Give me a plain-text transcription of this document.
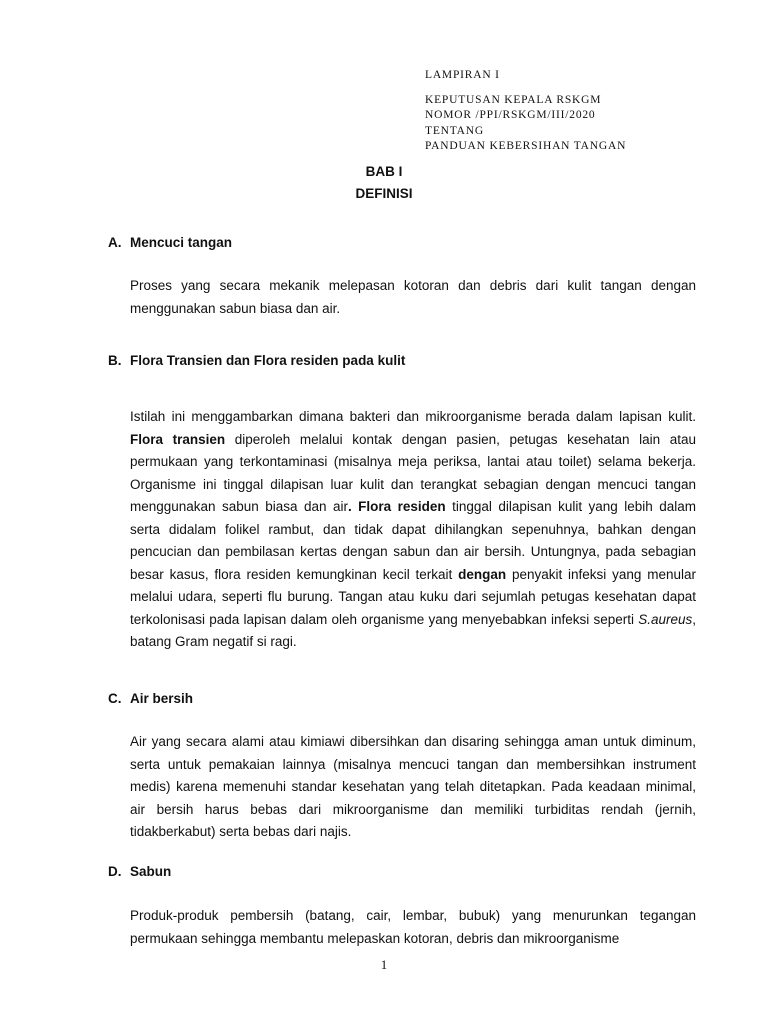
LAMPIRAN I
KEPUTUSAN KEPALA RSKGM
NOMOR /PPI/RSKGM/III/2020
TENTANG
PANDUAN KEBERSIHAN TANGAN
BAB I
DEFINISI
A. Mencuci tangan

Proses yang secara mekanik melepasan kotoran dan debris dari kulit tangan dengan menggunakan sabun biasa dan air.

B. Flora Transien dan Flora residen pada kulit

Istilah ini menggambarkan dimana bakteri dan mikroorganisme berada dalam lapisan kulit. Flora transien diperoleh melalui kontak dengan pasien, petugas kesehatan lain atau permukaan yang terkontaminasi (misalnya meja periksa, lantai atau toilet) selama bekerja. Organisme ini tinggal dilapisan luar kulit dan terangkat sebagian dengan mencuci tangan menggunakan sabun biasa dan air. Flora residen tinggal dilapisan kulit yang lebih dalam serta didalam folikel rambut, dan tidak dapat dihilangkan sepenuhnya, bahkan dengan pencucian dan pembilasan kertas dengan sabun dan air bersih. Untungnya, pada sebagian besar kasus, flora residen kemungkinan kecil terkait dengan penyakit infeksi yang menular melalui udara, seperti flu burung. Tangan atau kuku dari sejumlah petugas kesehatan dapat terkolonisasi pada lapisan dalam oleh organisme yang menyebabkan infeksi seperti S.aureus, batang Gram negatif si ragi.

C. Air bersih

Air yang secara alami atau kimiawi dibersihkan dan disaring sehingga aman untuk diminum, serta untuk pemakaian lainnya (misalnya mencuci tangan dan membersihkan instrument medis) karena memenuhi standar kesehatan yang telah ditetapkan. Pada keadaan minimal, air bersih harus bebas dari mikroorganisme dan memiliki turbiditas rendah (jernih, tidakberkabut) serta bebas dari najis.

D. Sabun

Produk-produk pembersih (batang, cair, lembar, bubuk) yang menurunkan tegangan permukaan sehingga membantu melepaskan kotoran, debris dan mikroorganisme

1
